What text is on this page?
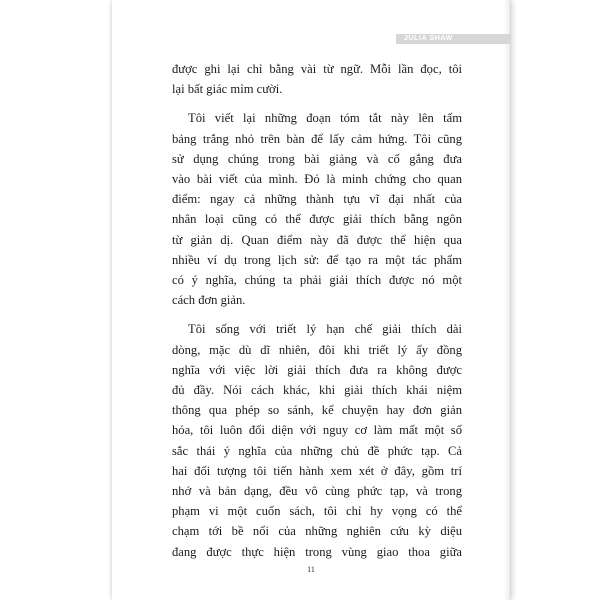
JULIA SHAW

được ghi lại chỉ bằng vài từ ngữ. Mỗi lần đọc, tôi
lại bất giác mỉm cười.

Tôi viết lại những đoạn tóm tắt này lên tấm
bảng trắng nhỏ trên bàn để lấy cảm hứng. Tôi cũng
sử dụng chúng trong bài giảng và cố gắng đưa
vào bài viết của mình. Đó là minh chứng cho quan
điểm: ngay cả những thành tựu vĩ đại nhất của
nhân loại cũng có thể được giải thích bằng ngôn
từ giản dị. Quan điểm này đã được thể hiện qua
nhiều ví dụ trong lịch sử: để tạo ra một tác phẩm
có ý nghĩa, chúng ta phải giải thích được nó một
cách đơn giản.

Tôi sống với triết lý hạn chế giải thích dài
dòng, mặc dù dĩ nhiên, đôi khi triết lý ấy đồng
nghĩa với việc lời giải thích đưa ra không được
đủ đầy. Nói cách khác, khi giải thích khái niệm
thông qua phép so sánh, kể chuyện hay đơn giản
hóa, tôi luôn đối diện với nguy cơ làm mất một số
sắc thái ý nghĩa của những chủ đề phức tạp. Cả
hai đối tượng tôi tiến hành xem xét ở đây, gồm trí
nhớ và bản dạng, đều vô cùng phức tạp, và trong
phạm vi một cuốn sách, tôi chỉ hy vọng có thể
chạm tới bề nổi của những nghiên cứu kỳ diệu
đang được thực hiện trong vùng giao thoa giữa

11
